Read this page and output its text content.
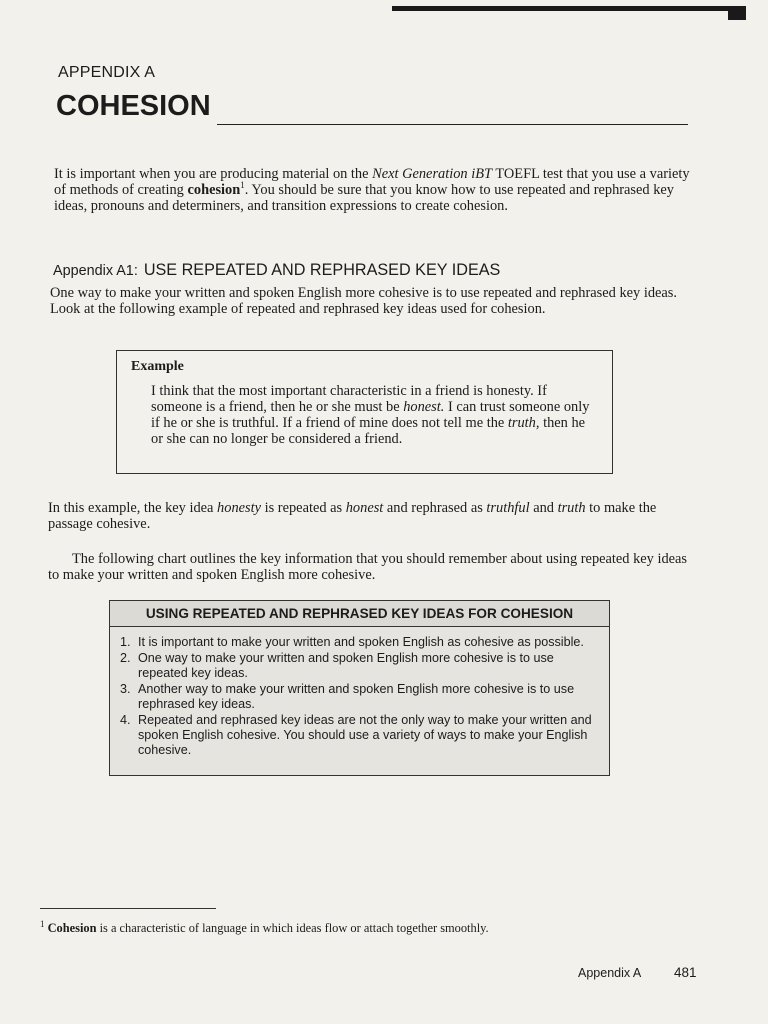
APPENDIX A
COHESION
It is important when you are producing material on the Next Generation iBT TOEFL test that you use a variety of methods of creating cohesion$^1$. You should be sure that you know how to use repeated and rephrased key ideas, pronouns and determiners, and transition expressions to create cohesion.
Appendix A1: USE REPEATED AND REPHRASED KEY IDEAS
One way to make your written and spoken English more cohesive is to use repeated and rephrased key ideas. Look at the following example of repeated and rephrased key ideas used for cohesion.
Example
I think that the most important characteristic in a friend is honesty. If someone is a friend, then he or she must be honest. I can trust someone only if he or she is truthful. If a friend of mine does not tell me the truth, then he or she can no longer be considered a friend.
In this example, the key idea honesty is repeated as honest and rephrased as truthful and truth to make the passage cohesive.
The following chart outlines the key information that you should remember about using repeated key ideas to make your written and spoken English more cohesive.
USING REPEATED AND REPHRASED KEY IDEAS FOR COHESION
1. It is important to make your written and spoken English as cohesive as possible.
2. One way to make your written and spoken English more cohesive is to use repeated key ideas.
3. Another way to make your written and spoken English more cohesive is to use rephrased key ideas.
4. Repeated and rephrased key ideas are not the only way to make your written and spoken English cohesive. You should use a variety of ways to make your English cohesive.
$^1$ Cohesion is a characteristic of language in which ideas flow or attach together smoothly.
Appendix A 481
